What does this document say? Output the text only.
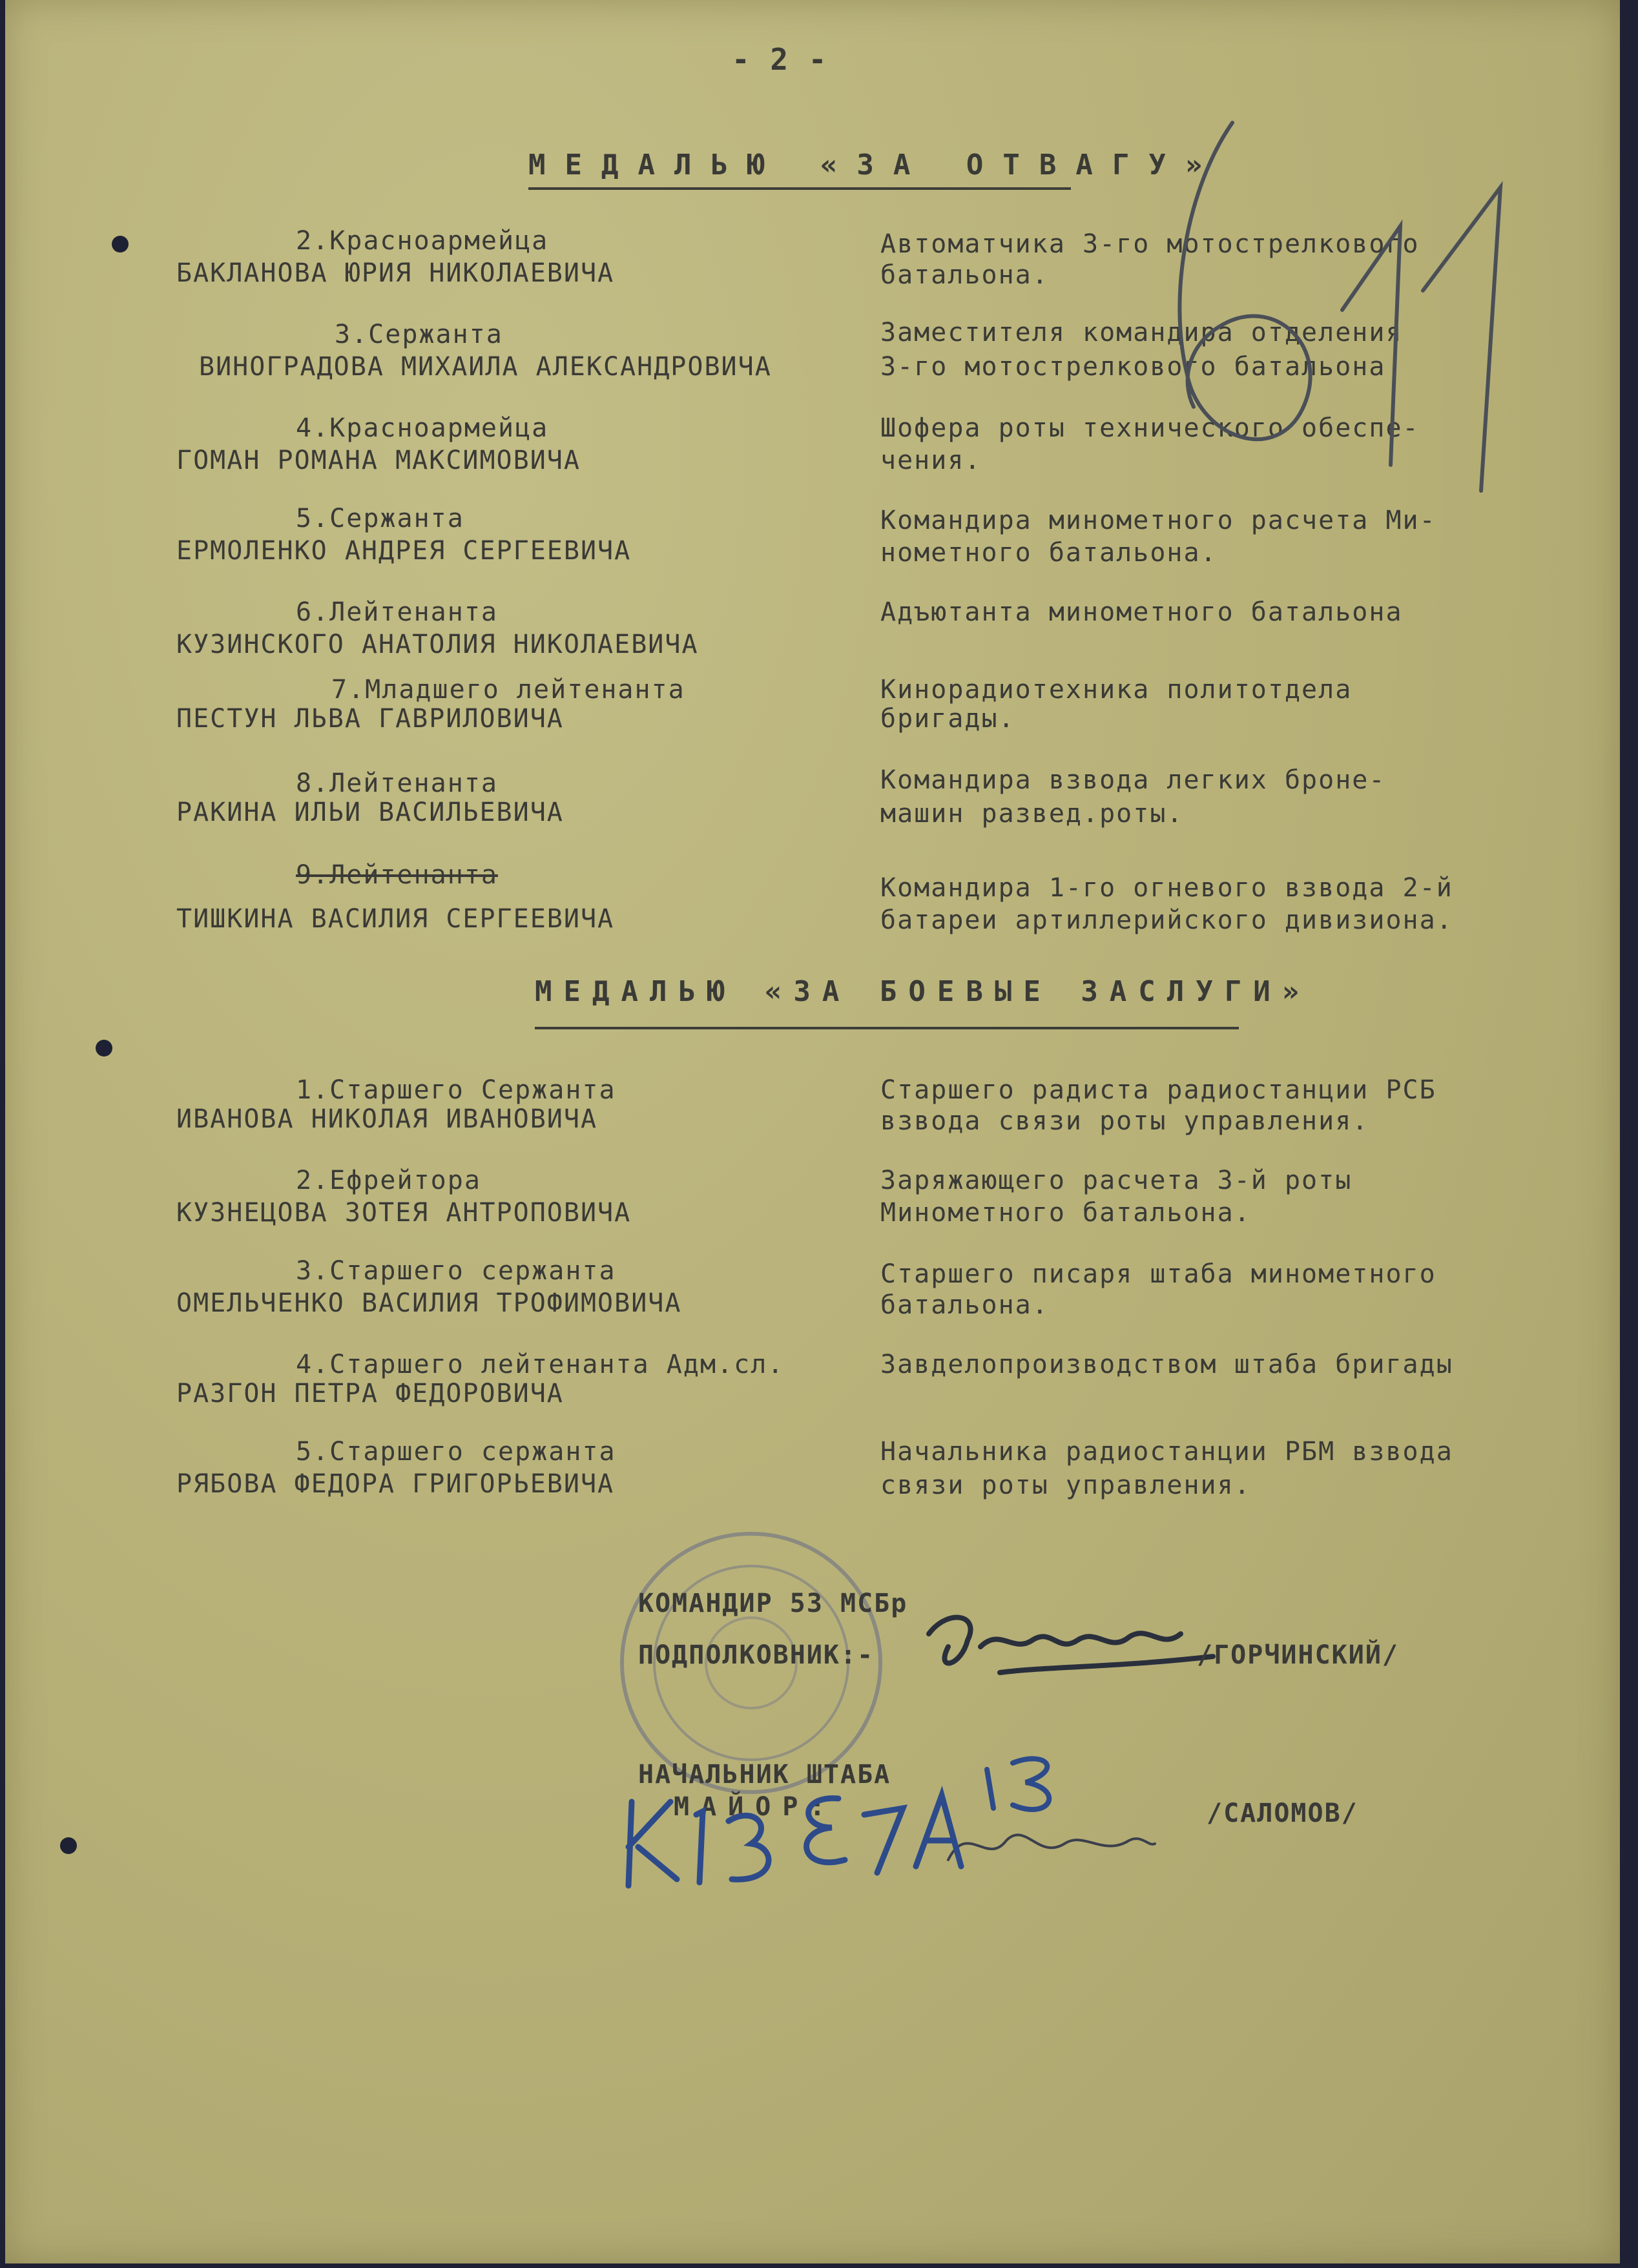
- 2 -
МЕДАЛЬЮ «ЗА ОТВАГУ»
2.Красноармейца
БАКЛАНОВА ЮРИЯ НИКОЛАЕВИЧА
Автоматчика 3-го мотострелкового
батальона.
3.Сержанта
ВИНОГРАДОВА МИХАИЛА АЛЕКСАНДРОВИЧА
Заместителя командира отделения
3-го мотострелкового батальона
4.Красноармейца
ГОМАН РОМАНА МАКСИМОВИЧА
Шофера роты технического обеспе-
чения.
5.Сержанта
ЕРМОЛЕНКО АНДРЕЯ СЕРГЕЕВИЧА
Командира минометного расчета Ми-
нометного батальона.
6.Лейтенанта
КУЗИНСКОГО АНАТОЛИЯ НИКОЛАЕВИЧА
Адъютанта минометного батальона
7.Младшего лейтенанта
ПЕСТУН ЛЬВА ГАВРИЛОВИЧА
Кинорадиотехника политотдела
бригады.
8.Лейтенанта
РАКИНА ИЛЬИ ВАСИЛЬЕВИЧА
Командира взвода легких броне-
машин развед.роты.
9.Лейтенанта
ТИШКИНА ВАСИЛИЯ СЕРГЕЕВИЧА
Командира 1-го огневого взвода 2-й
батареи артиллерийского дивизиона.
МЕДАЛЬЮ «ЗА БОЕВЫЕ ЗАСЛУГИ»
1.Старшего Сержанта
ИВАНОВА НИКОЛАЯ ИВАНОВИЧА
Старшего радиста радиостанции РСБ
взвода связи роты управления.
2.Ефрейтора
КУЗНЕЦОВА ЗОТЕЯ АНТРОПОВИЧА
Заряжающего расчета 3-й роты
Минометного батальона.
3.Старшего сержанта
ОМЕЛЬЧЕНКО ВАСИЛИЯ ТРОФИМОВИЧА
Старшего писаря штаба минометного
батальона.
4.Старшего лейтенанта Адм.сл.
РАЗГОН ПЕТРА ФЕДОРОВИЧА
Завделопроизводством штаба бригады
5.Старшего сержанта
РЯБОВА ФЕДОРА ГРИГОРЬЕВИЧА
Начальника радиостанции РБМ взвода
связи роты управления.
КОМАНДИР 53 МСБр
ПОДПОЛКОВНИК:-	/ГОРЧИНСКИЙ/
НАЧАЛЬНИК ШТАБА
МАЙОР:	/САЛОМОВ/
